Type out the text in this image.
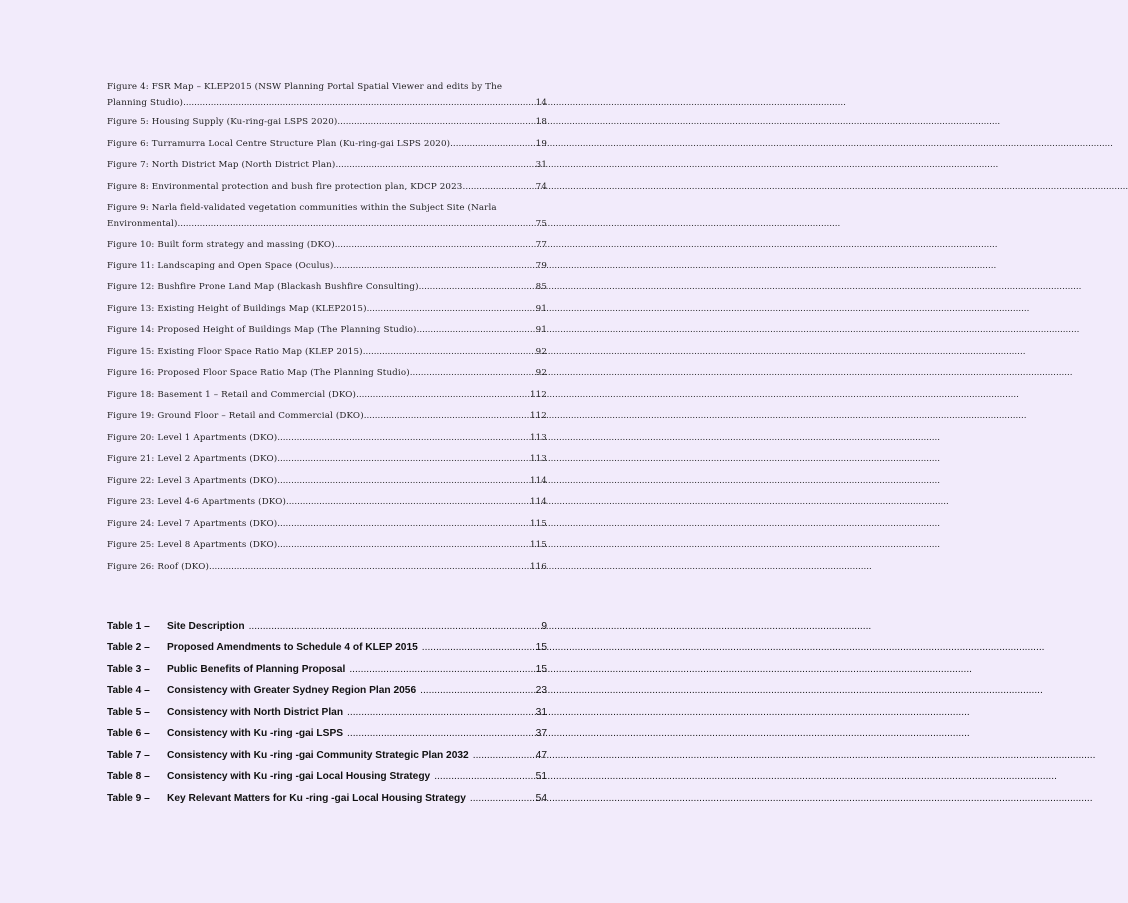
Figure 4: FSR Map – KLEP2015 (NSW Planning Portal Spatial Viewer and edits by The
Planning Studio) .....	14
Figure 5: Housing Supply (Ku-ring-gai LSPS 2020) .....	18
Figure 6: Turramurra Local Centre Structure Plan (Ku-ring-gai LSPS 2020) .....	19
Figure 7: North District Map (North District Plan) .....	31
Figure 8: Environmental protection and bush fire protection plan, KDCP 2023. .....	74
Figure 9: Narla field-validated vegetation communities within the Subject Site (Narla
Environmental) .....	75
Figure 10: Built form strategy and massing (DKO) .....	77
Figure 11: Landscaping and Open Space (Oculus) .....	79
Figure 12: Bushfire Prone Land Map (Blackash Bushfire Consulting) .....	85
Figure 13: Existing Height of Buildings Map (KLEP2015) .....	91
Figure 14: Proposed Height of Buildings Map (The Planning Studio) .....	91
Figure 15: Existing Floor Space Ratio Map (KLEP 2015) .....	92
Figure 16: Proposed Floor Space Ratio Map (The Planning Studio) .....	92
Figure 18: Basement 1 – Retail and Commercial (DKO) .....	112
Figure 19: Ground Floor – Retail and Commercial (DKO) .....	112
Figure 20: Level 1 Apartments (DKO) .....	113
Figure 21: Level 2 Apartments (DKO) .....	113
Figure 22: Level 3 Apartments (DKO) .....	114
Figure 23: Level 4-6 Apartments (DKO) .....	114
Figure 24: Level 7 Apartments (DKO) .....	115
Figure 25: Level 8 Apartments (DKO) .....	115
Figure 26: Roof (DKO) .....	116
Table 1 –	Site Description .....	9
Table 2 –	Proposed Amendments to Schedule 4 of KLEP 2015 .....	15
Table 3 –	Public Benefits of Planning Proposal .....	15
Table 4 –	Consistency with Greater Sydney Region Plan 2056 .....	23
Table 5 –	Consistency with North District Plan .....	31
Table 6 –	Consistency with Ku -ring -gai LSPS .....	37
Table 7 –	Consistency with Ku -ring -gai Community Strategic Plan 2032 .....	47
Table 8 –	Consistency with Ku -ring -gai Local Housing Strategy .....	51
Table 9 –	Key Relevant Matters for Ku -ring -gai Local Housing Strategy .....	54
